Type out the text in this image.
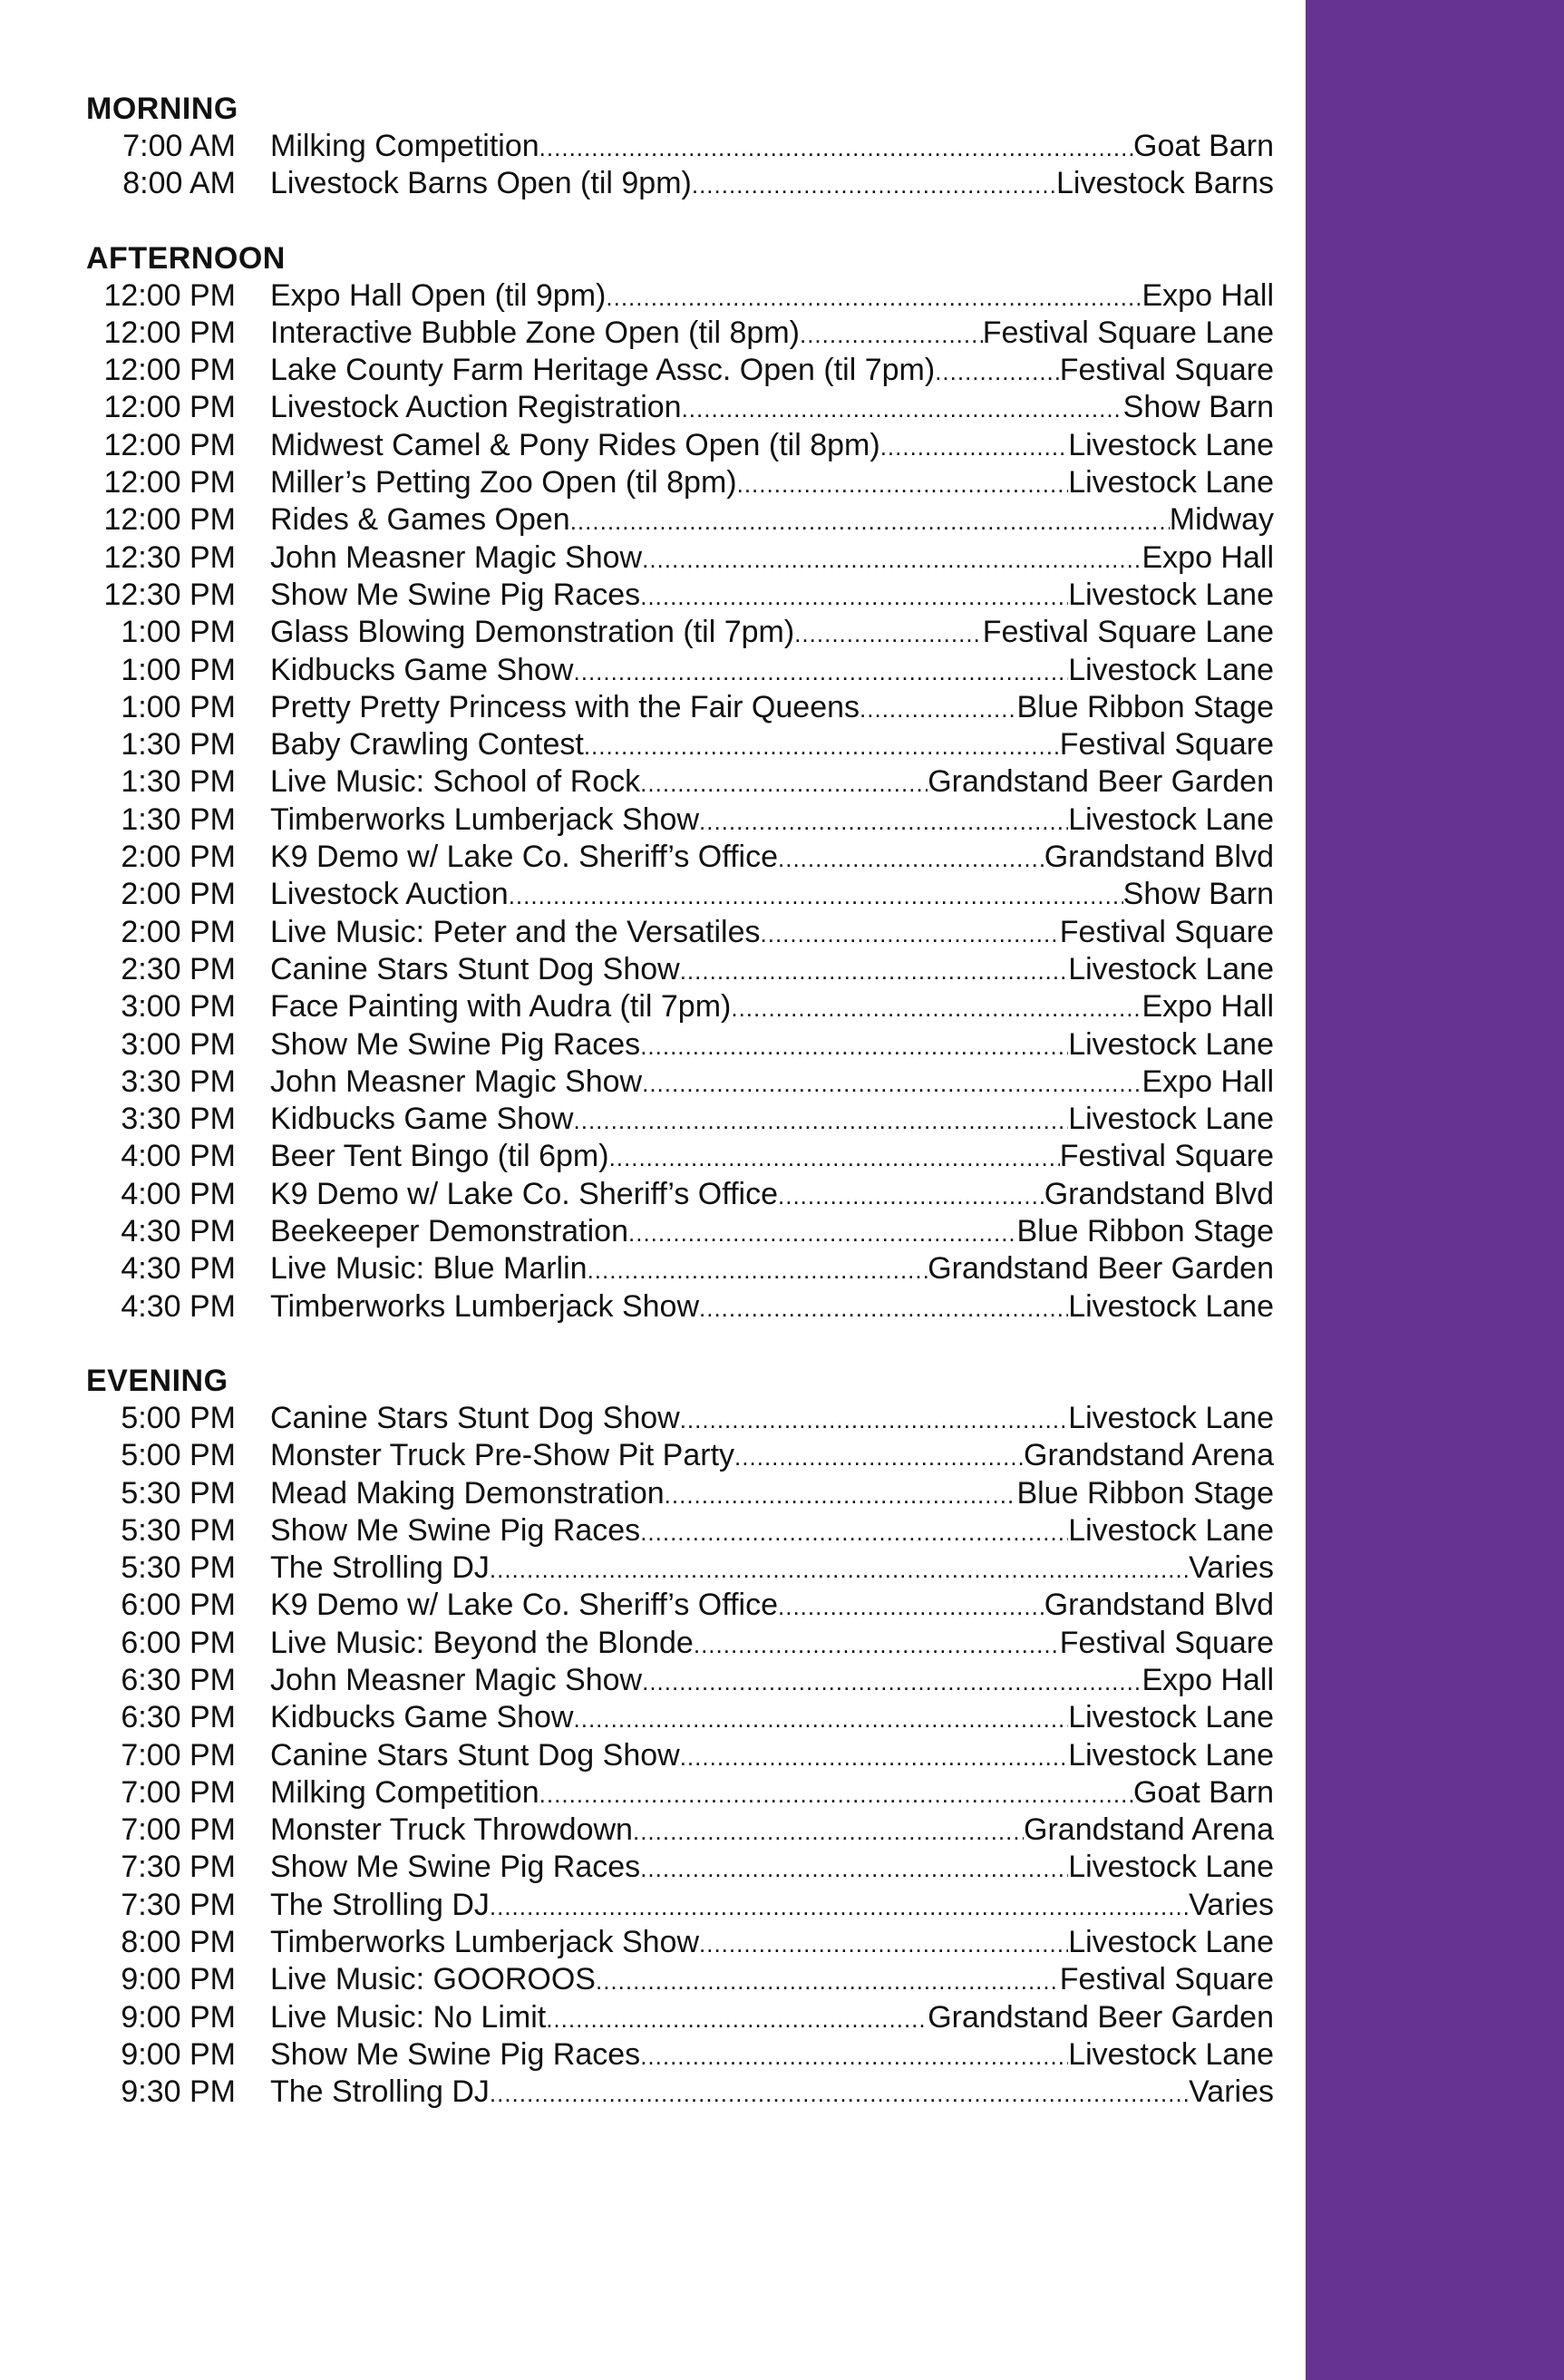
MORNING
7:00 AM Milking Competition .....	Goat Barn
8:00 AM Livestock Barns Open (til 9pm) .....	Livestock Barns
AFTERNOON
12:00 PM Expo Hall Open (til 9pm) .....	Expo Hall
12:00 PM Interactive Bubble Zone Open (til 8pm) .....	Festival Square Lane
12:00 PM Lake County Farm Heritage Assc. Open (til 7pm) .....	Festival Square
12:00 PM Livestock Auction Registration .....	Show Barn
12:00 PM Midwest Camel & Pony Rides Open (til 8pm) .....	Livestock Lane
12:00 PM Miller’s Petting Zoo Open (til 8pm) .....	Livestock Lane
12:00 PM Rides & Games Open .....	Midway
12:30 PM John Measner Magic Show .....	Expo Hall
12:30 PM Show Me Swine Pig Races .....	Livestock Lane
1:00 PM Glass Blowing Demonstration (til 7pm) .....	Festival Square Lane
1:00 PM Kidbucks Game Show .....	Livestock Lane
1:00 PM Pretty Pretty Princess with the Fair Queens .....	Blue Ribbon Stage
1:30 PM Baby Crawling Contest .....	Festival Square
1:30 PM Live Music: School of Rock .....	Grandstand Beer Garden
1:30 PM Timberworks Lumberjack Show .....	Livestock Lane
2:00 PM K9 Demo w/ Lake Co. Sheriff’s Office .....	Grandstand Blvd
2:00 PM Livestock Auction .....	Show Barn
2:00 PM Live Music: Peter and the Versatiles .....	Festival Square
2:30 PM Canine Stars Stunt Dog Show .....	Livestock Lane
3:00 PM Face Painting with Audra (til 7pm) .....	Expo Hall
3:00 PM Show Me Swine Pig Races .....	Livestock Lane
3:30 PM John Measner Magic Show .....	Expo Hall
3:30 PM Kidbucks Game Show .....	Livestock Lane
4:00 PM Beer Tent Bingo (til 6pm) .....	Festival Square
4:00 PM K9 Demo w/ Lake Co. Sheriff’s Office .....	Grandstand Blvd
4:30 PM Beekeeper Demonstration .....	Blue Ribbon Stage
4:30 PM Live Music: Blue Marlin .....	Grandstand Beer Garden
4:30 PM Timberworks Lumberjack Show .....	Livestock Lane
EVENING
5:00 PM Canine Stars Stunt Dog Show .....	Livestock Lane
5:00 PM Monster Truck Pre-Show Pit Party .....	Grandstand Arena
5:30 PM Mead Making Demonstration .....	Blue Ribbon Stage
5:30 PM Show Me Swine Pig Races .....	Livestock Lane
5:30 PM The Strolling DJ .....	Varies
6:00 PM K9 Demo w/ Lake Co. Sheriff’s Office .....	Grandstand Blvd
6:00 PM Live Music: Beyond the Blonde .....	Festival Square
6:30 PM John Measner Magic Show .....	Expo Hall
6:30 PM Kidbucks Game Show .....	Livestock Lane
7:00 PM Canine Stars Stunt Dog Show .....	Livestock Lane
7:00 PM Milking Competition .....	Goat Barn
7:00 PM Monster Truck Throwdown .....	Grandstand Arena
7:30 PM Show Me Swine Pig Races .....	Livestock Lane
7:30 PM The Strolling DJ .....	Varies
8:00 PM Timberworks Lumberjack Show .....	Livestock Lane
9:00 PM Live Music: GOOROOS .....	Festival Square
9:00 PM Live Music: No Limit .....	Grandstand Beer Garden
9:00 PM Show Me Swine Pig Races .....	Livestock Lane
9:30 PM The Strolling DJ .....	Varies
